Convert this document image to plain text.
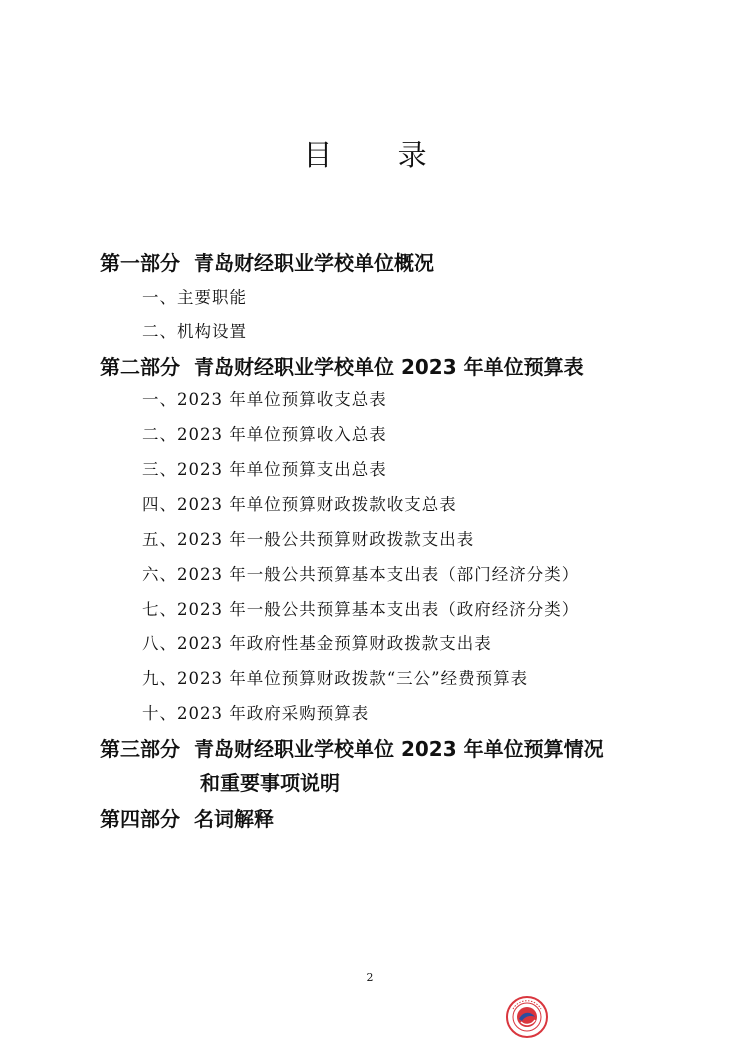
目 录
第一部分 青岛财经职业学校单位概况
一、主要职能
二、机构设置
第二部分 青岛财经职业学校单位 2023 年单位预算表
一、2023 年单位预算收支总表
二、2023 年单位预算收入总表
三、2023 年单位预算支出总表
四、2023 年单位预算财政拨款收支总表
五、2023 年一般公共预算财政拨款支出表
六、2023 年一般公共预算基本支出表（部门经济分类）
七、2023 年一般公共预算基本支出表（政府经济分类）
八、2023 年政府性基金预算财政拨款支出表
九、2023 年单位预算财政拨款“三公”经费预算表
十、2023 年政府采购预算表
第三部分 青岛财经职业学校单位 2023 年单位预算情况
和重要事项说明
第四部分 名词解释
2
